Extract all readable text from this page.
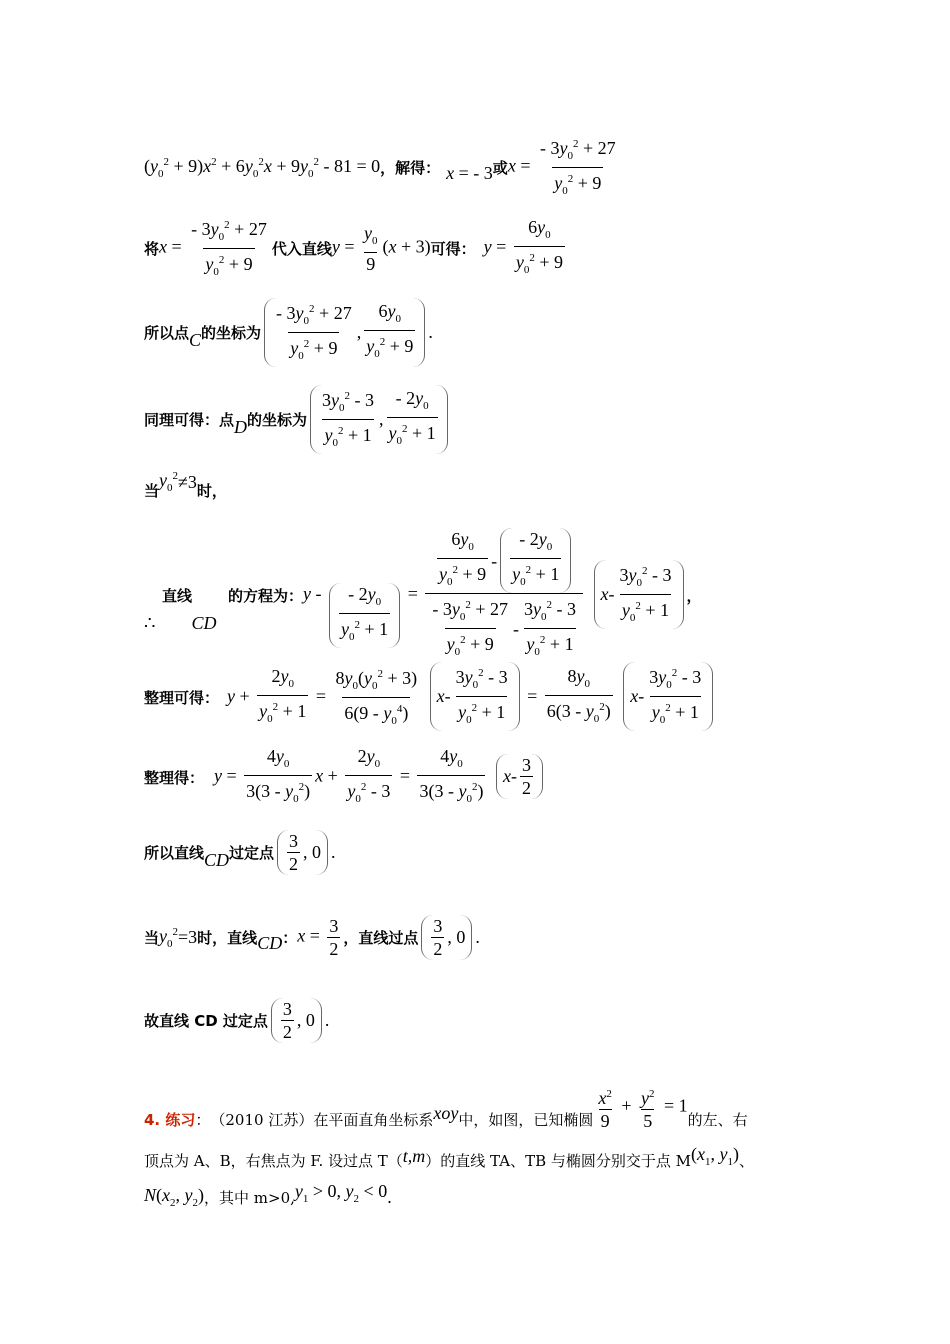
$(y_0^2 + 9)x^2 + 6y_0^2x + 9y_0^2 - 81 = 0$ ，解得： x = - 3 或 $x = \frac{- 3y_0^2 + 27}{y_0^2 + 9}$
将 $x = \frac{- 3y_0^2 + 27}{y_0^2 + 9}$ 代入直线 $y = \frac{y_0}{9} (x + 3)$ 可得： $y = \frac{6y_0}{y_0^2 + 9}$
所以点 C 的坐标为 $\frac{- 3y_0^2 + 27}{y_0^2 + 9}$ , $\frac{6y_0}{y_0^2 + 9}$ .
同理可得：点 D 的坐标为 $\frac{3y_0^2 - 3}{y_0^2 + 1}$ , $\frac{- 2y_0}{y_0^2 + 1}$
当
$y_0^2 \ne 3$ 时，
直线 的方程为： $y - \frac{- 2y_0}{y_0^2 + 1} = \frac{\frac{6y_0}{y_0^2 + 9} - \frac{- 2y_0}{y_0^2 + 1}}{\frac{- 3y_0^2 + 27}{y_0^2 + 9} - \frac{3y_0^2 - 3}{y_0^2 + 1}}$
x - $\frac{3y_0^2 - 3}{y_0^2 + 1}$ ，
∴ CD
整理可得： $y + \frac{2y_0}{y_0^2 + 1} = \frac{8y_0(y_0^2 + 3)}{6(9 - y_0^4)}$
$x - \frac{3y_0^2 - 3}{y_0^2 + 1} = \frac{8y_0}{6(3 - y_0^2)}$
x - $\frac{3y_0^2 - 3}{y_0^2 + 1}$
整理得： $y = \frac{4y_0}{3(3 - y_0^2)}$ $x + \frac{2y_0}{y_0^2 - 3} = \frac{4y_0}{3(3 - y_0^2)}$
x - $\frac{3}{2}$
所以直线 CD 过定点 $\frac{3}{2}$ , 0 .
当 $y_0^2 =3$ 时，直线 CD ： $x = \frac{3}{2}$ ，直线过点 $\frac{3}{2}$ , 0 .
故直线 CD 过定点 $\frac{3}{2}$ , 0 .
4. 练习 ： （2010 江苏）在平面直角坐标系 xoy 中，如图，已知椭圆 $\frac{x^2}{9} + \frac{y^2}{5} = 1$
的左、右
顶点为 A、B，右焦点为 F. 设过点 T（ t,m ）的直线 TA、TB 与椭圆分别交于点 M ($x_1$, $y_1$) 、
$N(x_2$, $y_2$) ，其中 m>0, $y_1 > 0$, $y_2 < 0$ .
